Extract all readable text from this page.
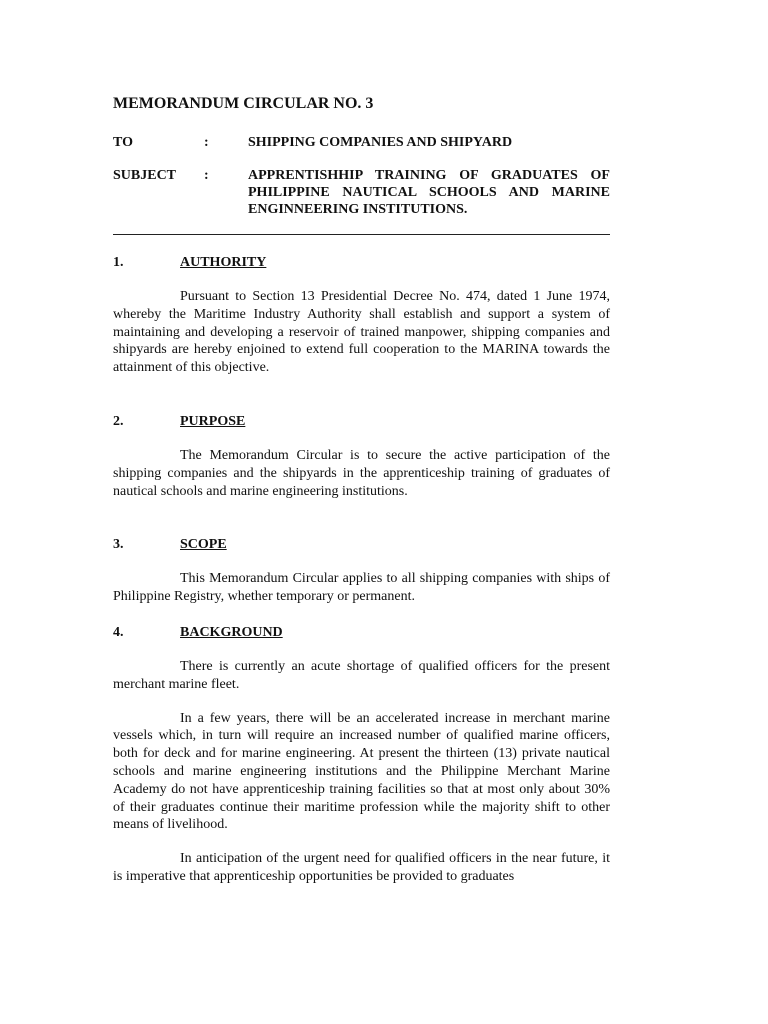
MEMORANDUM CIRCULAR NO. 3
TO	:	SHIPPING COMPANIES AND SHIPYARD
SUBJECT	:	APPRENTISHHIP TRAINING OF GRADUATES OF PHILIPPINE NAUTICAL SCHOOLS AND MARINE ENGINNEERING INSTITUTIONS.
1.	AUTHORITY

Pursuant to Section 13 Presidential Decree No. 474, dated 1 June 1974, whereby the Maritime Industry Authority shall establish and support a system of maintaining and developing a reservoir of trained manpower, shipping companies and shipyards are hereby enjoined to extend full cooperation to the MARINA towards the attainment of this objective.

2.	PURPOSE

The Memorandum Circular is to secure the active participation of the shipping companies and the shipyards in the apprenticeship training of graduates of nautical schools and marine engineering institutions.

3.	SCOPE

This Memorandum Circular applies to all shipping companies with ships of Philippine Registry, whether temporary or permanent.

4.	BACKGROUND

There is currently an acute shortage of qualified officers for the present merchant marine fleet.

In a few years, there will be an accelerated increase in merchant marine vessels which, in turn will require an increased number of qualified marine officers, both for deck and for marine engineering. At present the thirteen (13) private nautical schools and marine engineering institutions and the Philippine Merchant Marine Academy do not have apprenticeship training facilities so that at most only about 30% of their graduates continue their maritime profession while the majority shift to other means of livelihood.

In anticipation of the urgent need for qualified officers in the near future, it is imperative that apprenticeship opportunities be provided to graduates
